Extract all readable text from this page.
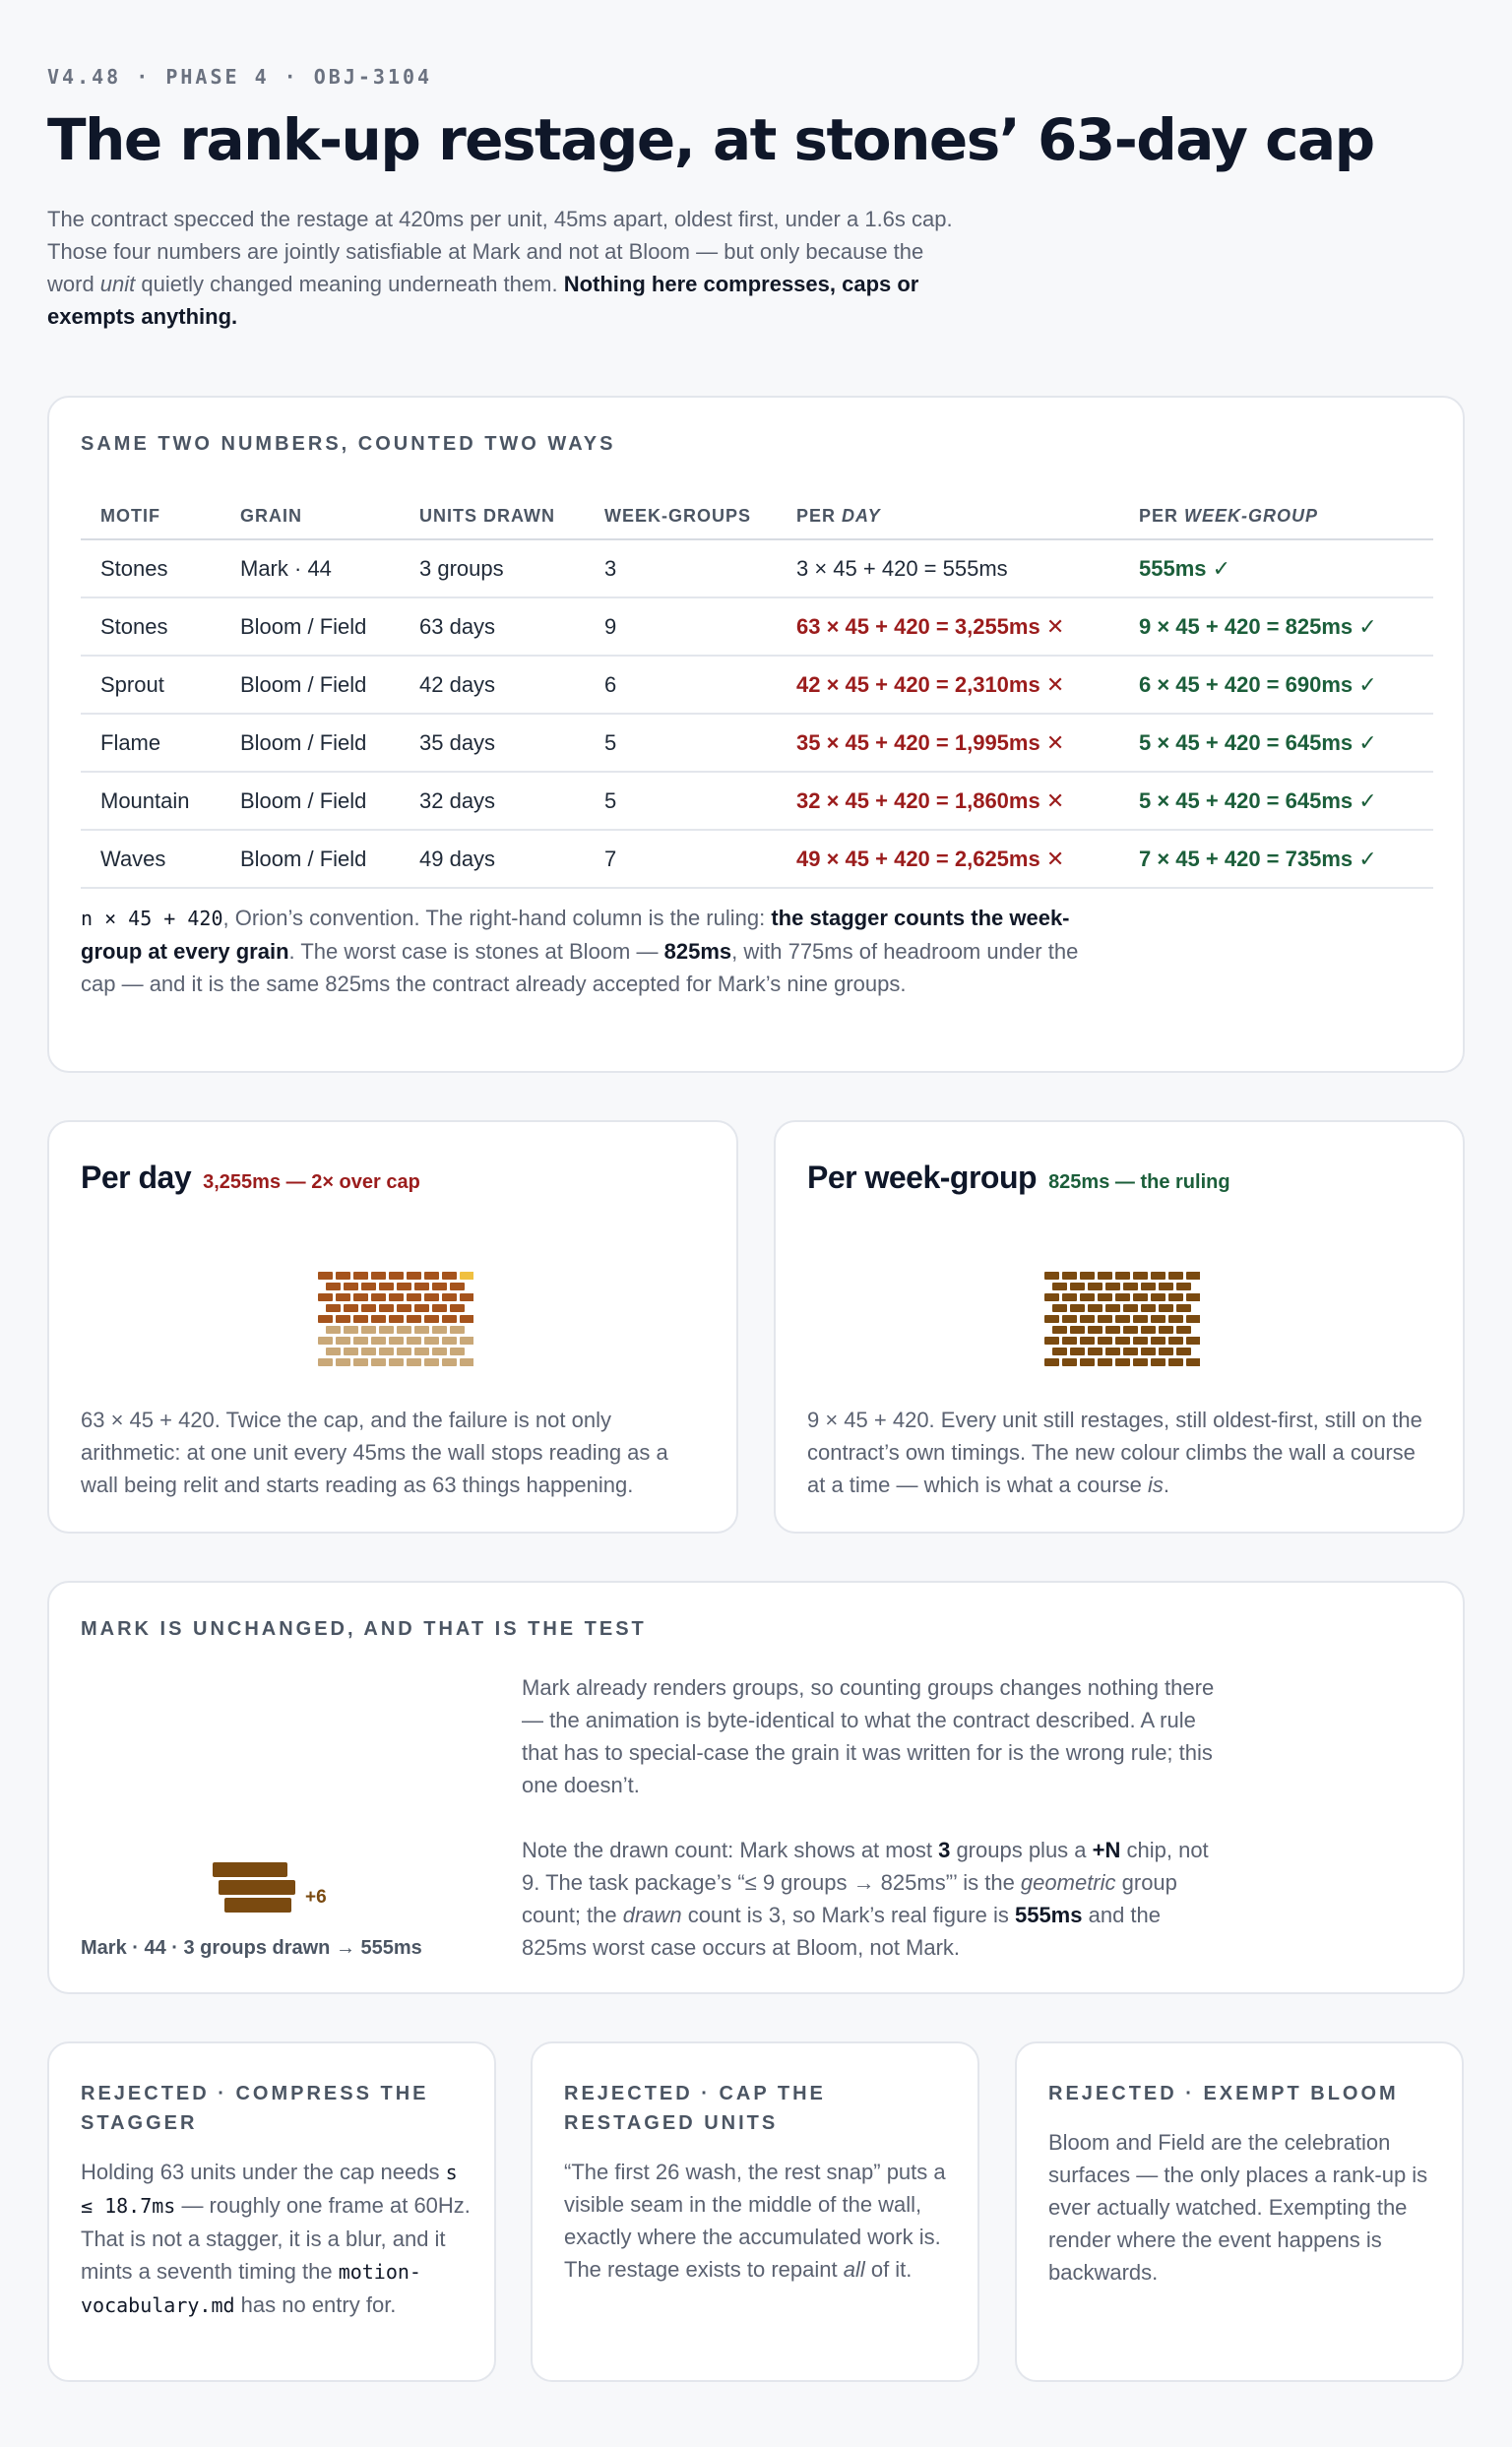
V4.48 · PHASE 4 · OBJ-3104
The rank-up restage, at stones’ 63-day cap

The contract specced the restage at 420ms per unit, 45ms apart, oldest first, under a 1.6s cap. Those four numbers are jointly satisfiable at Mark and not at Bloom — but only because the word unit quietly changed meaning underneath them. Nothing here compresses, caps or exempts anything.

SAME TWO NUMBERS, COUNTED TWO WAYS
MOTIF	GRAIN	UNITS DRAWN	WEEK-GROUPS	PER DAY	PER WEEK-GROUP
Stones	Mark · 44	3 groups	3	3 × 45 + 420 = 555ms	555ms ✓
Stones	Bloom / Field	63 days	9	63 × 45 + 420 = 3,255ms ✕	9 × 45 + 420 = 825ms ✓
Sprout	Bloom / Field	42 days	6	42 × 45 + 420 = 2,310ms ✕	6 × 45 + 420 = 690ms ✓
Flame	Bloom / Field	35 days	5	35 × 45 + 420 = 1,995ms ✕	5 × 45 + 420 = 645ms ✓
Mountain	Bloom / Field	32 days	5	32 × 45 + 420 = 1,860ms ✕	5 × 45 + 420 = 645ms ✓
Waves	Bloom / Field	49 days	7	49 × 45 + 420 = 2,625ms ✕	7 × 45 + 420 = 735ms ✓

n × 45 + 420, Orion’s convention. The right-hand column is the ruling: the stagger counts the week-group at every grain. The worst case is stones at Bloom — 825ms, with 775ms of headroom under the cap — and it is the same 825ms the contract already accepted for Mark’s nine groups.

Per day 3,255ms — 2× over cap

63 × 45 + 420. Twice the cap, and the failure is not only arithmetic: at one unit every 45ms the wall stops reading as a wall being relit and starts reading as 63 things happening.

Per week-group 825ms — the ruling

9 × 45 + 420. Every unit still restages, still oldest-first, still on the contract’s own timings. The new colour climbs the wall a course at a time — which is what a course is.

MARK IS UNCHANGED, AND THAT IS THE TEST
+6
Mark · 44 · 3 groups drawn → 555ms

Mark already renders groups, so counting groups changes nothing there — the animation is byte-identical to what the contract described. A rule that has to special-case the grain it was written for is the wrong rule; this one doesn’t.

Note the drawn count: Mark shows at most 3 groups plus a +N chip, not 9. The task package’s “≤ 9 groups → 825ms”’ is the geometric group count; the drawn count is 3, so Mark’s real figure is 555ms and the 825ms worst case occurs at Bloom, not Mark.

REJECTED · COMPRESS THE STAGGER

Holding 63 units under the cap needs s ≤ 18.7ms — roughly one frame at 60Hz. That is not a stagger, it is a blur, and it mints a seventh timing the motion-vocabulary.md has no entry for.

REJECTED · CAP THE RESTAGED UNITS

“The first 26 wash, the rest snap” puts a visible seam in the middle of the wall, exactly where the accumulated work is. The restage exists to repaint all of it.

REJECTED · EXEMPT BLOOM

Bloom and Field are the celebration surfaces — the only places a rank-up is ever actually watched. Exempting the render where the event happens is backwards.
